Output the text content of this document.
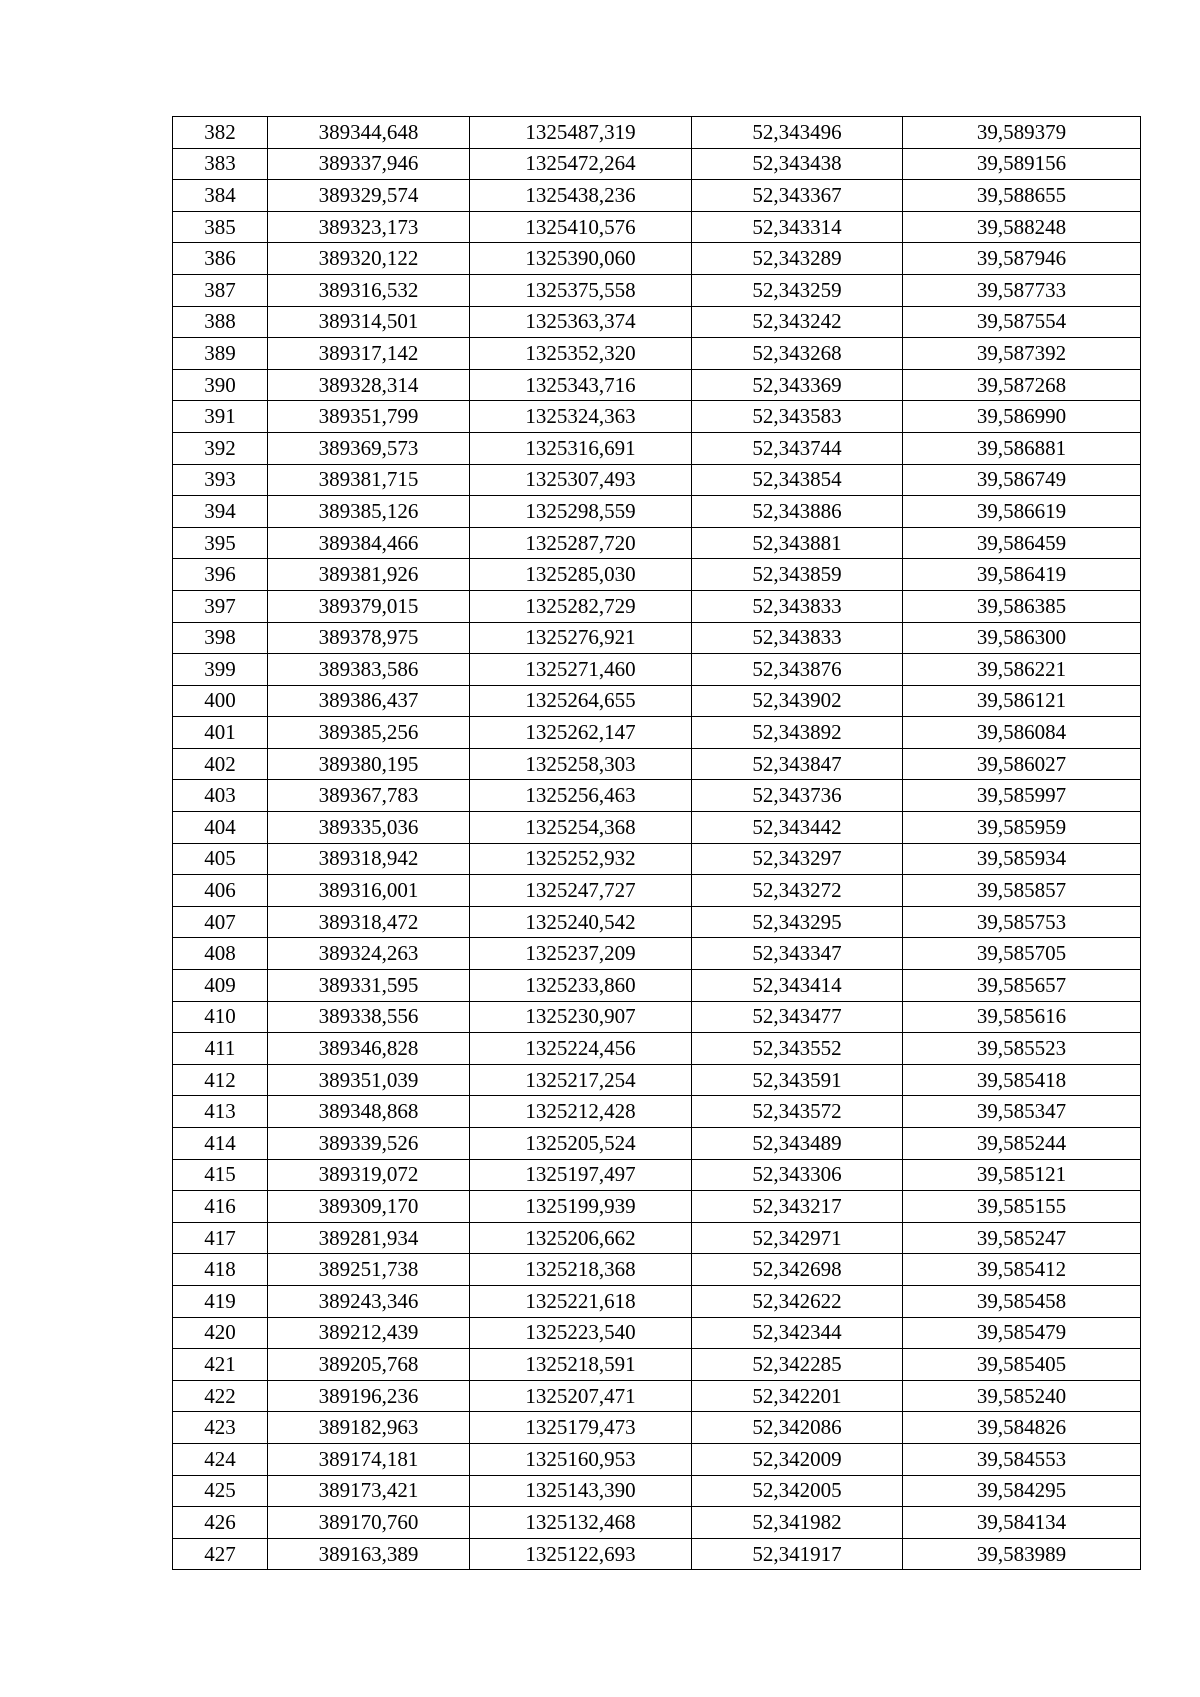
382	389344,648	1325487,319	52,343496	39,589379
383	389337,946	1325472,264	52,343438	39,589156
384	389329,574	1325438,236	52,343367	39,588655
385	389323,173	1325410,576	52,343314	39,588248
386	389320,122	1325390,060	52,343289	39,587946
387	389316,532	1325375,558	52,343259	39,587733
388	389314,501	1325363,374	52,343242	39,587554
389	389317,142	1325352,320	52,343268	39,587392
390	389328,314	1325343,716	52,343369	39,587268
391	389351,799	1325324,363	52,343583	39,586990
392	389369,573	1325316,691	52,343744	39,586881
393	389381,715	1325307,493	52,343854	39,586749
394	389385,126	1325298,559	52,343886	39,586619
395	389384,466	1325287,720	52,343881	39,586459
396	389381,926	1325285,030	52,343859	39,586419
397	389379,015	1325282,729	52,343833	39,586385
398	389378,975	1325276,921	52,343833	39,586300
399	389383,586	1325271,460	52,343876	39,586221
400	389386,437	1325264,655	52,343902	39,586121
401	389385,256	1325262,147	52,343892	39,586084
402	389380,195	1325258,303	52,343847	39,586027
403	389367,783	1325256,463	52,343736	39,585997
404	389335,036	1325254,368	52,343442	39,585959
405	389318,942	1325252,932	52,343297	39,585934
406	389316,001	1325247,727	52,343272	39,585857
407	389318,472	1325240,542	52,343295	39,585753
408	389324,263	1325237,209	52,343347	39,585705
409	389331,595	1325233,860	52,343414	39,585657
410	389338,556	1325230,907	52,343477	39,585616
411	389346,828	1325224,456	52,343552	39,585523
412	389351,039	1325217,254	52,343591	39,585418
413	389348,868	1325212,428	52,343572	39,585347
414	389339,526	1325205,524	52,343489	39,585244
415	389319,072	1325197,497	52,343306	39,585121
416	389309,170	1325199,939	52,343217	39,585155
417	389281,934	1325206,662	52,342971	39,585247
418	389251,738	1325218,368	52,342698	39,585412
419	389243,346	1325221,618	52,342622	39,585458
420	389212,439	1325223,540	52,342344	39,585479
421	389205,768	1325218,591	52,342285	39,585405
422	389196,236	1325207,471	52,342201	39,585240
423	389182,963	1325179,473	52,342086	39,584826
424	389174,181	1325160,953	52,342009	39,584553
425	389173,421	1325143,390	52,342005	39,584295
426	389170,760	1325132,468	52,341982	39,584134
427	389163,389	1325122,693	52,341917	39,583989
